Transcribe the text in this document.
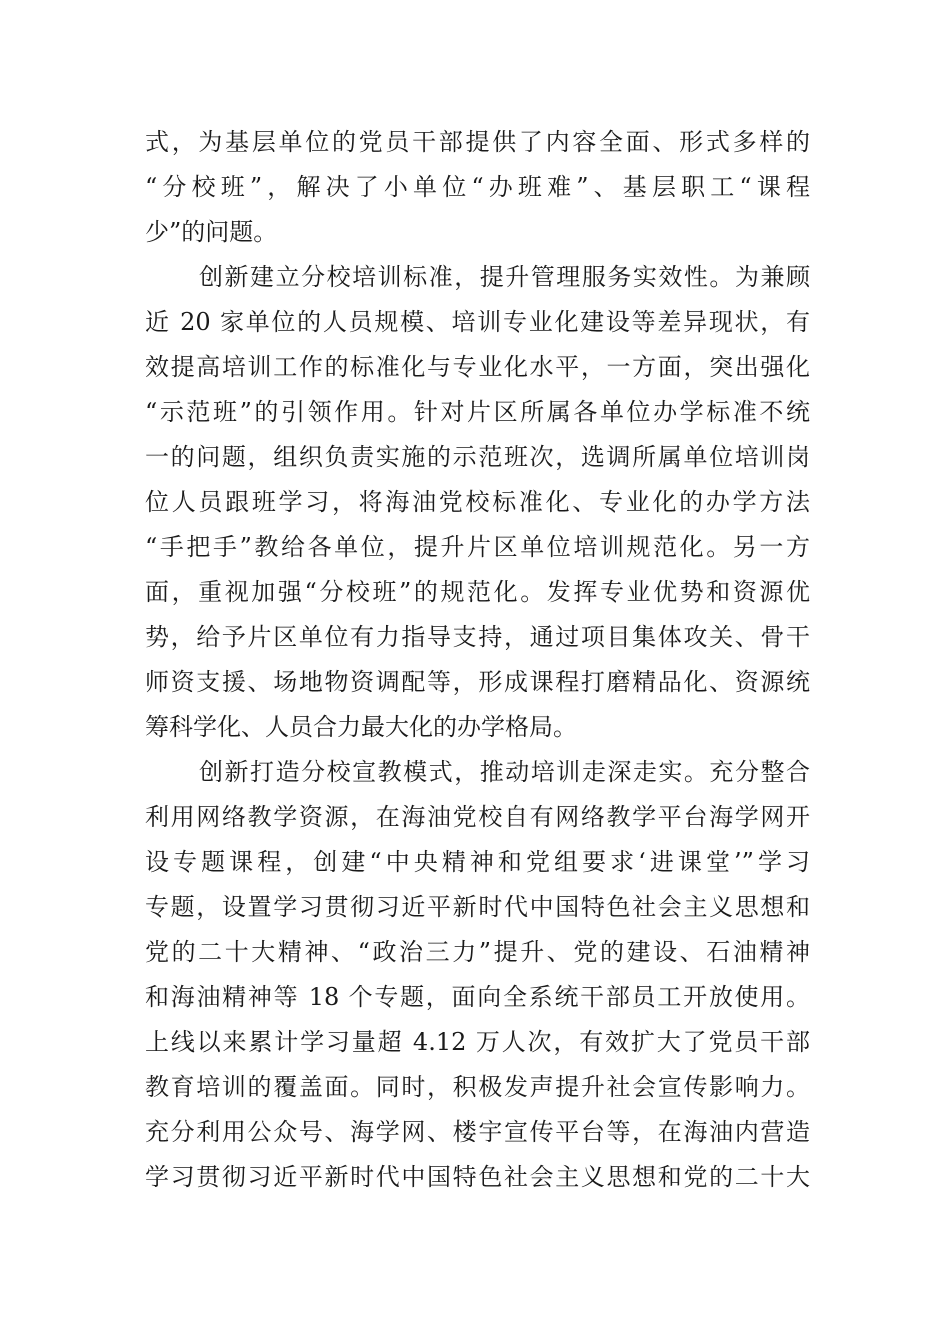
式，为基层单位的党员干部提供了内容全面、形式多样的
“分校班”，解决了小单位“办班难”、基层职工“课程
少”的问题。
创新建立分校培训标准，提升管理服务实效性。为兼顾
近 20 家单位的人员规模、培训专业化建设等差异现状，有
效提高培训工作的标准化与专业化水平，一方面，突出强化
“示范班”的引领作用。针对片区所属各单位办学标准不统
一的问题，组织负责实施的示范班次，选调所属单位培训岗
位人员跟班学习，将海油党校标准化、专业化的办学方法
“手把手”教给各单位，提升片区单位培训规范化。另一方
面，重视加强“分校班”的规范化。发挥专业优势和资源优
势，给予片区单位有力指导支持，通过项目集体攻关、骨干
师资支援、场地物资调配等，形成课程打磨精品化、资源统
筹科学化、人员合力最大化的办学格局。
创新打造分校宣教模式，推动培训走深走实。充分整合
利用网络教学资源，在海油党校自有网络教学平台海学网开
设专题课程，创建“中央精神和党组要求‘进课堂’”学习
专题，设置学习贯彻习近平新时代中国特色社会主义思想和
党的二十大精神、“政治三力”提升、党的建设、石油精神
和海油精神等 18 个专题，面向全系统干部员工开放使用。
上线以来累计学习量超 4.12 万人次，有效扩大了党员干部
教育培训的覆盖面。同时，积极发声提升社会宣传影响力。
充分利用公众号、海学网、楼宇宣传平台等，在海油内营造
学习贯彻习近平新时代中国特色社会主义思想和党的二十大
